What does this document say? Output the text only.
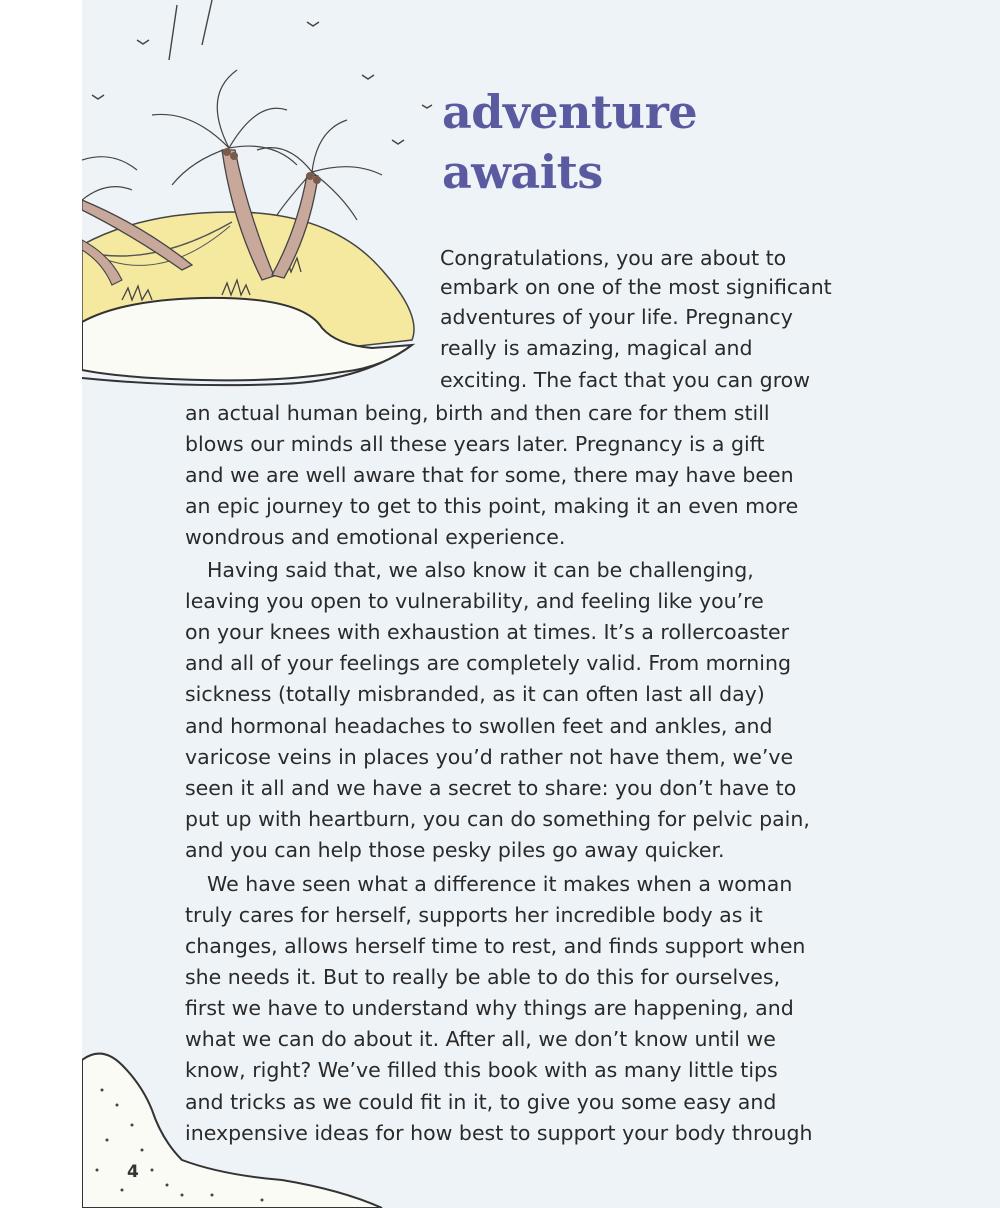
adventure
awaits
Congratulations, you are about to
embark on one of the most significant
adventures of your life. Pregnancy
really is amazing, magical and
exciting. The fact that you can grow
an actual human being, birth and then care for them still
blows our minds all these years later. Pregnancy is a gift
and we are well aware that for some, there may have been
an epic journey to get to this point, making it an even more
wondrous and emotional experience.
Having said that, we also know it can be challenging,
leaving you open to vulnerability, and feeling like you’re
on your knees with exhaustion at times. It’s a rollercoaster
and all of your feelings are completely valid. From morning
sickness (totally misbranded, as it can often last all day)
and hormonal headaches to swollen feet and ankles, and
varicose veins in places you’d rather not have them, we’ve
seen it all and we have a secret to share: you don’t have to
put up with heartburn, you can do something for pelvic pain,
and you can help those pesky piles go away quicker.
We have seen what a difference it makes when a woman
truly cares for herself, supports her incredible body as it
changes, allows herself time to rest, and finds support when
she needs it. But to really be able to do this for ourselves,
first we have to understand why things are happening, and
what we can do about it. After all, we don’t know until we
know, right? We’ve filled this book with as many little tips
and tricks as we could fit in it, to give you some easy and
inexpensive ideas for how best to support your body through
4
